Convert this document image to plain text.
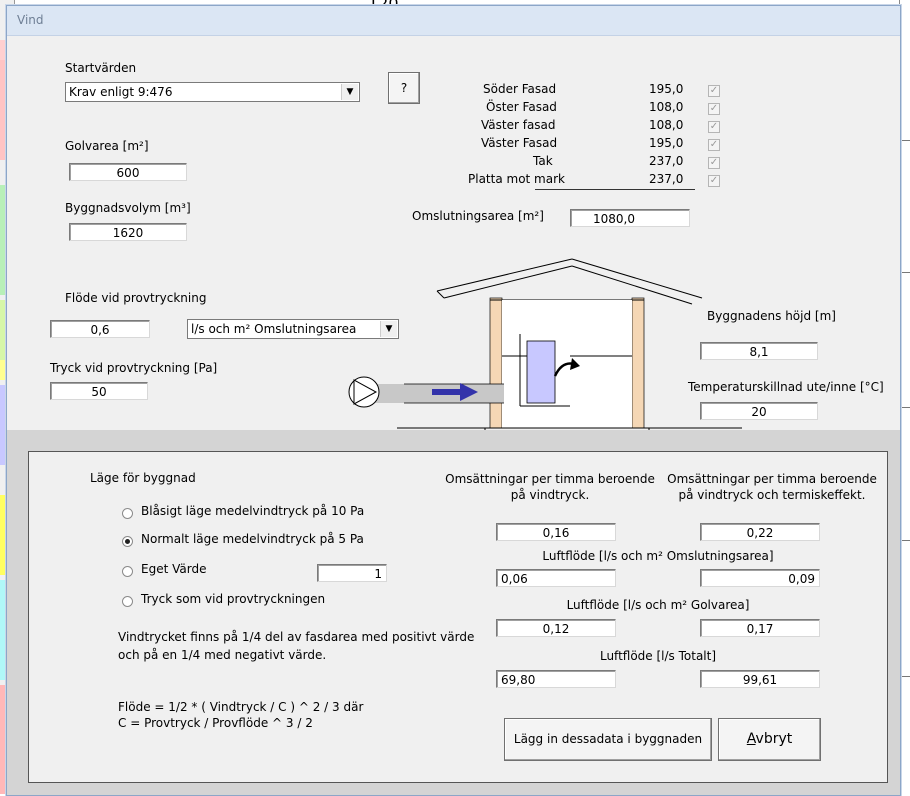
Vind
Startvärden
Krav enligt 9:476	▼	?
Golvarea [m²]
600
Byggnadsvolym [m³]
1620
Söder Fasad	195,0	✓
Öster Fasad	108,0	✓
Väster fasad	108,0	✓
Väster Fasad	195,0	✓
Tak	237,0	✓
Platta mot mark	237,0	✓
Omslutningsarea [m²]	1080,0
Flöde vid provtryckning
0,6	l/s och m² Omslutningsarea	▼
Tryck vid provtryckning [Pa]
50
Byggnadens höjd [m]
8,1
Temperaturskillnad ute/inne [°C]
20
Läge för byggnad
Blåsigt läge medelvindtryck på 10 Pa
Normalt läge medelvindtryck på 5 Pa
Eget Värde	1
Tryck som vid provtryckningen
Vindtrycket finns på 1/4 del av fasdarea med positivt värde
och på en 1/4 med negativt värde.
Flöde = 1/2 * ( Vindtryck / C ) ^ 2 / 3 där
C = Provtryck / Provflöde ^ 3 / 2
Omsättningar per timma beroende
på vindtryck.
Omsättningar per timma beroende
på vindtryck och termiskeffekt.
0,16	0,22
Luftflöde [l/s och m² Omslutningsarea]
0,06	0,09
Luftflöde [l/s och m² Golvarea]
0,12	0,17
Luftflöde [l/s Totalt]
69,80	99,61
Lägg in dessadata i byggnaden	Avbryt
